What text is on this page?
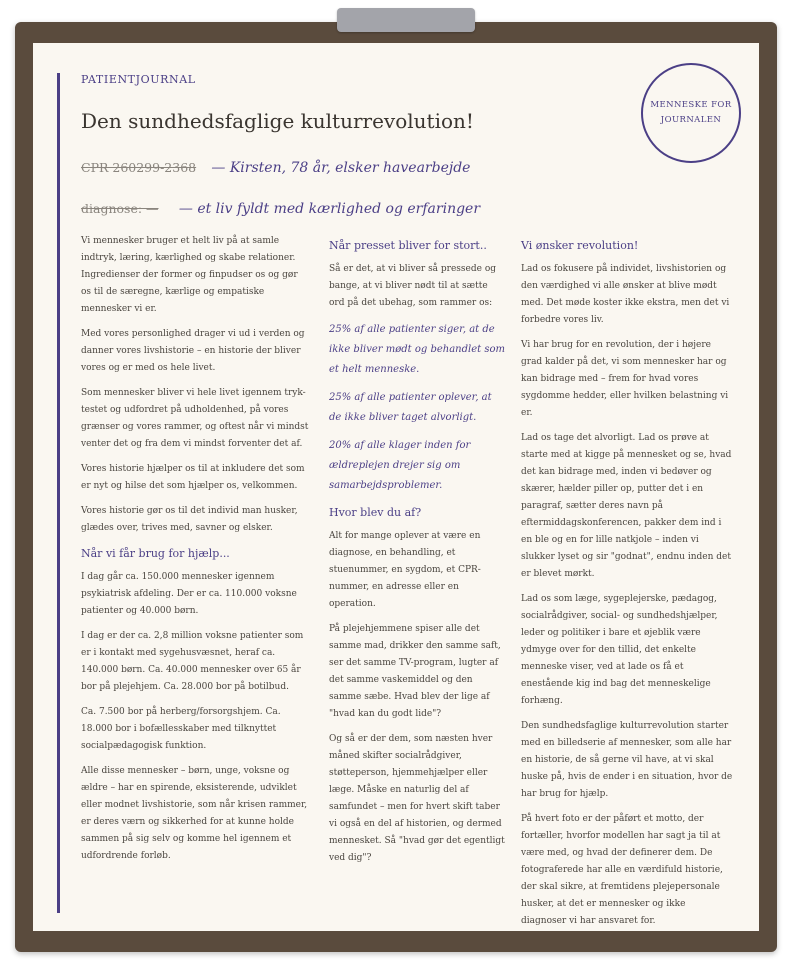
PATIENTJOURNAL
Den sundhedsfaglige kulturrevolution!
MENNESKE FOR
JOURNALEN
CPR 260299-2368 — Kirsten, 78 år, elsker havearbejde
diagnose: — — et liv fyldt med kærlighed og erfaringer

Vi mennesker bruger et helt liv på at samle indtryk, læring, kærlighed og skabe relationer. Ingredienser der former og finpudser os og gør os til de særegne, kærlige og empatiske mennesker vi er.

Med vores personlighed drager vi ud i verden og danner vores livshistorie – en historie der bliver vores og er med os hele livet.

Som mennesker bliver vi hele livet igennem tryk-testet og udfordret på udholdenhed, på vores grænser og vores rammer, og oftest når vi mindst venter det og fra dem vi mindst forventer det af.

Vores historie hjælper os til at inkludere det som er nyt og hilse det som hjælper os, velkommen.

Vores historie gør os til det individ man husker, glædes over, trives med, savner og elsker.

Når vi får brug for hjælp...

I dag går ca. 150.000 mennesker igennem psykiatrisk afdeling. Der er ca. 110.000 voksne patienter og 40.000 børn.

I dag er der ca. 2,8 million voksne patienter som er i kontakt med sygehusvæsnet, heraf ca. 140.000 børn. Ca. 40.000 mennesker over 65 år bor på plejehjem. Ca. 28.000 bor på botilbud.

Ca. 7.500 bor på herberg/forsorgshjem. Ca. 18.000 bor i bofællesskaber med tilknyttet socialpædagogisk funktion.

Alle disse mennesker – børn, unge, voksne og ældre – har en spirende, eksisterende, udviklet eller modnet livshistorie, som når krisen rammer, er deres værn og sikkerhed for at kunne holde sammen på sig selv og komme hel igennem et udfordrende forløb.

Når presset bliver for stort..

Så er det, at vi bliver så pressede og bange, at vi bliver nødt til at sætte ord på det ubehag, som rammer os:

25% af alle patienter siger, at de ikke bliver mødt og behandlet som et helt menneske.

25% af alle patienter oplever, at de ikke bliver taget alvorligt.

20% af alle klager inden for ældreplejen drejer sig om samarbejdsproblemer.

Hvor blev du af?

Alt for mange oplever at være en diagnose, en behandling, et stuenummer, en sygdom, et CPR-nummer, en adresse eller en operation.

På plejehjemmene spiser alle det samme mad, drikker den samme saft, ser det samme TV-program, lugter af det samme vaskemiddel og den samme sæbe. Hvad blev der lige af "hvad kan du godt lide"?

Og så er der dem, som næsten hver måned skifter socialrådgiver, støtteperson, hjemmehjælper eller læge. Måske en naturlig del af samfundet – men for hvert skift taber vi også en del af historien, og dermed mennesket. Så "hvad gør det egentligt ved dig"?

Vi ønsker revolution!

Lad os fokusere på individet, livshistorien og den værdighed vi alle ønsker at blive mødt med. Det møde koster ikke ekstra, men det vi forbedre vores liv.

Vi har brug for en revolution, der i højere grad kalder på det, vi som mennesker har og kan bidrage med – frem for hvad vores sygdomme hedder, eller hvilken belastning vi er.

Lad os tage det alvorligt. Lad os prøve at starte med at kigge på mennesket og se, hvad det kan bidrage med, inden vi bedøver og skærer, hælder piller op, putter det i en paragraf, sætter deres navn på eftermiddagskonferencen, pakker dem ind i en ble og en for lille natkjole – inden vi slukker lyset og sir "godnat", endnu inden det er blevet mørkt.

Lad os som læge, sygeplejerske, pædagog, socialrådgiver, social- og sundhedshjælper, leder og politiker i bare et øjeblik være ydmyge over for den tillid, det enkelte menneske viser, ved at lade os få et enestående kig ind bag det menneskelige forhæng.

Den sundhedsfaglige kulturrevolution starter med en billedserie af mennesker, som alle har en historie, de så gerne vil have, at vi skal huske på, hvis de ender i en situation, hvor de har brug for hjælp.

På hvert foto er der påført et motto, der fortæller, hvorfor modellen har sagt ja til at være med, og hvad der definerer dem. De fotograferede har alle en værdifuld historie, der skal sikre, at fremtidens plejepersonale husker, at det er mennesker og ikke diagnoser vi har ansvaret for.
